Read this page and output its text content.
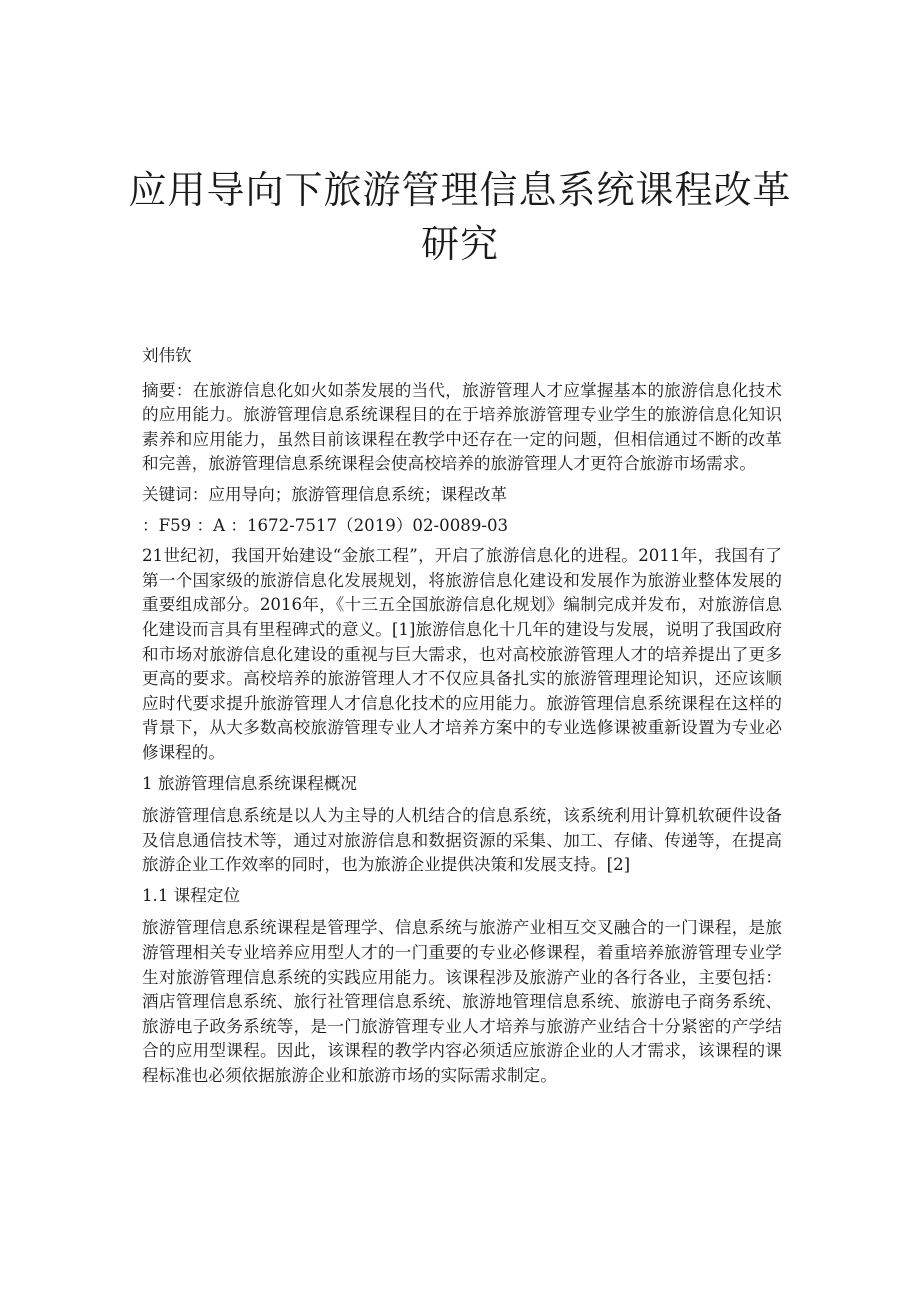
应用导向下旅游管理信息系统课程改革研究

刘伟钦

摘要：在旅游信息化如火如荼发展的当代，旅游管理人才应掌握基本的旅游信息化技术的应用能力。旅游管理信息系统课程目的在于培养旅游管理专业学生的旅游信息化知识素养和应用能力，虽然目前该课程在教学中还存在一定的问题，但相信通过不断的改革和完善，旅游管理信息系统课程会使高校培养的旅游管理人才更符合旅游市场需求。

关键词：应用导向；旅游管理信息系统；课程改革

：F59 ：A ：1672-7517（2019）02-0089-03

21世纪初，我国开始建设“金旅工程”，开启了旅游信息化的进程。2011年，我国有了第一个国家级的旅游信息化发展规划，将旅游信息化建设和发展作为旅游业整体发展的重要组成部分。2016年，《十三五全国旅游信息化规划》编制完成并发布，对旅游信息化建设而言具有里程碑式的意义。[1]旅游信息化十几年的建设与发展，说明了我国政府和市场对旅游信息化建设的重视与巨大需求，也对高校旅游管理人才的培养提出了更多更高的要求。高校培养的旅游管理人才不仅应具备扎实的旅游管理理论知识，还应该顺应时代要求提升旅游管理人才信息化技术的应用能力。旅游管理信息系统课程在这样的背景下，从大多数高校旅游管理专业人才培养方案中的专业选修课被重新设置为专业必修课程的。

1 旅游管理信息系统课程概况

旅游管理信息系统是以人为主导的人机结合的信息系统，该系统利用计算机软硬件设备及信息通信技术等，通过对旅游信息和数据资源的采集、加工、存储、传递等，在提高旅游企业工作效率的同时，也为旅游企业提供决策和发展支持。[2]

1.1 课程定位

旅游管理信息系统课程是管理学、信息系统与旅游产业相互交叉融合的一门课程，是旅游管理相关专业培养应用型人才的一门重要的专业必修课程，着重培养旅游管理专业学生对旅游管理信息系统的实践应用能力。该课程涉及旅游产业的各行各业，主要包括：酒店管理信息系统、旅行社管理信息系统、旅游地管理信息系统、旅游电子商务系统、旅游电子政务系统等，是一门旅游管理专业人才培养与旅游产业结合十分紧密的产学结合的应用型课程。因此，该课程的教学内容必须适应旅游企业的人才需求，该课程的课程标准也必须依据旅游企业和旅游市场的实际需求制定。
